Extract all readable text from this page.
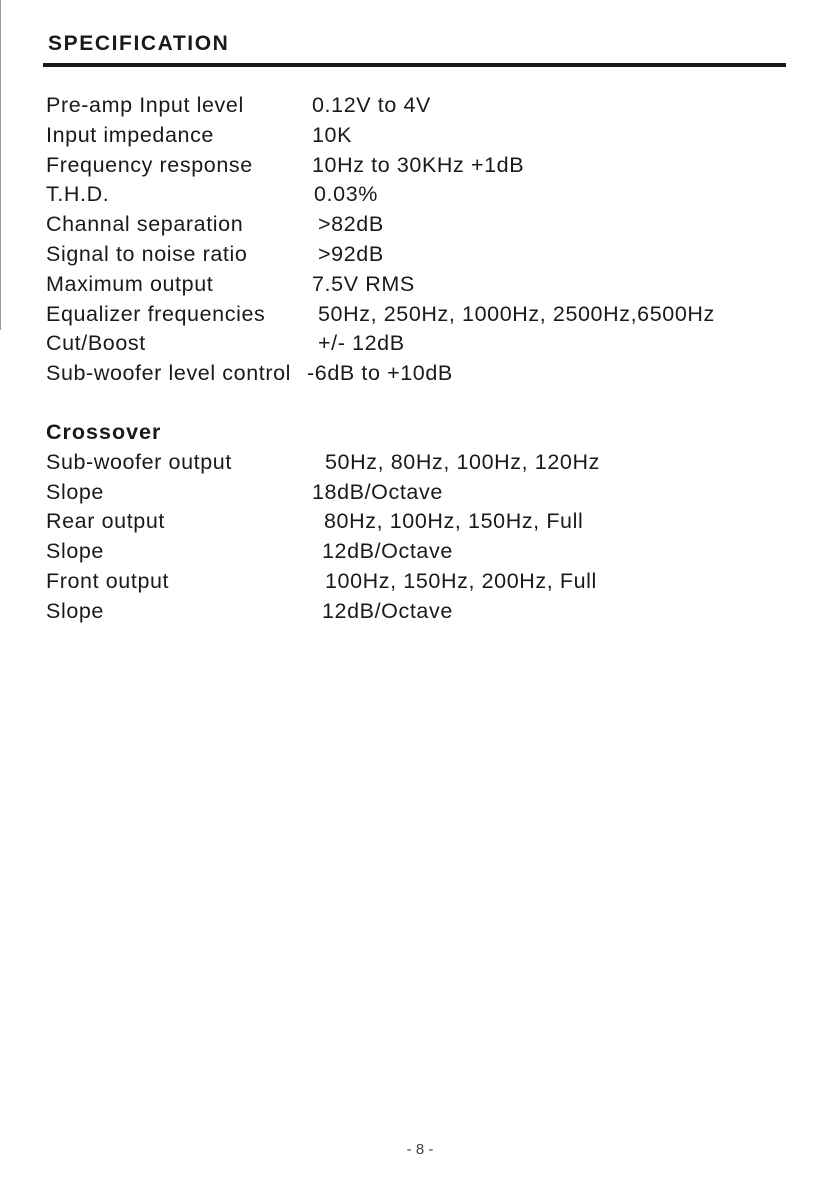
SPECIFICATION
Pre-amp Input level	0.12V to 4V
Input impedance	10K
Frequency response	10Hz to 30KHz +1dB
T.H.D.	0.03%
Channal separation	>82dB
Signal to noise ratio	>92dB
Maximum output	7.5V RMS
Equalizer frequencies 50Hz, 250Hz, 1000Hz, 2500Hz,6500Hz
Cut/Boost	+/- 12dB
Sub-woofer level control -6dB to +10dB
Crossover
Sub-woofer output	50Hz, 80Hz, 100Hz, 120Hz
Slope	18dB/Octave
Rear output	80Hz, 100Hz, 150Hz, Full
Slope	12dB/Octave
Front output	100Hz, 150Hz, 200Hz, Full
Slope	12dB/Octave
- 8 -
